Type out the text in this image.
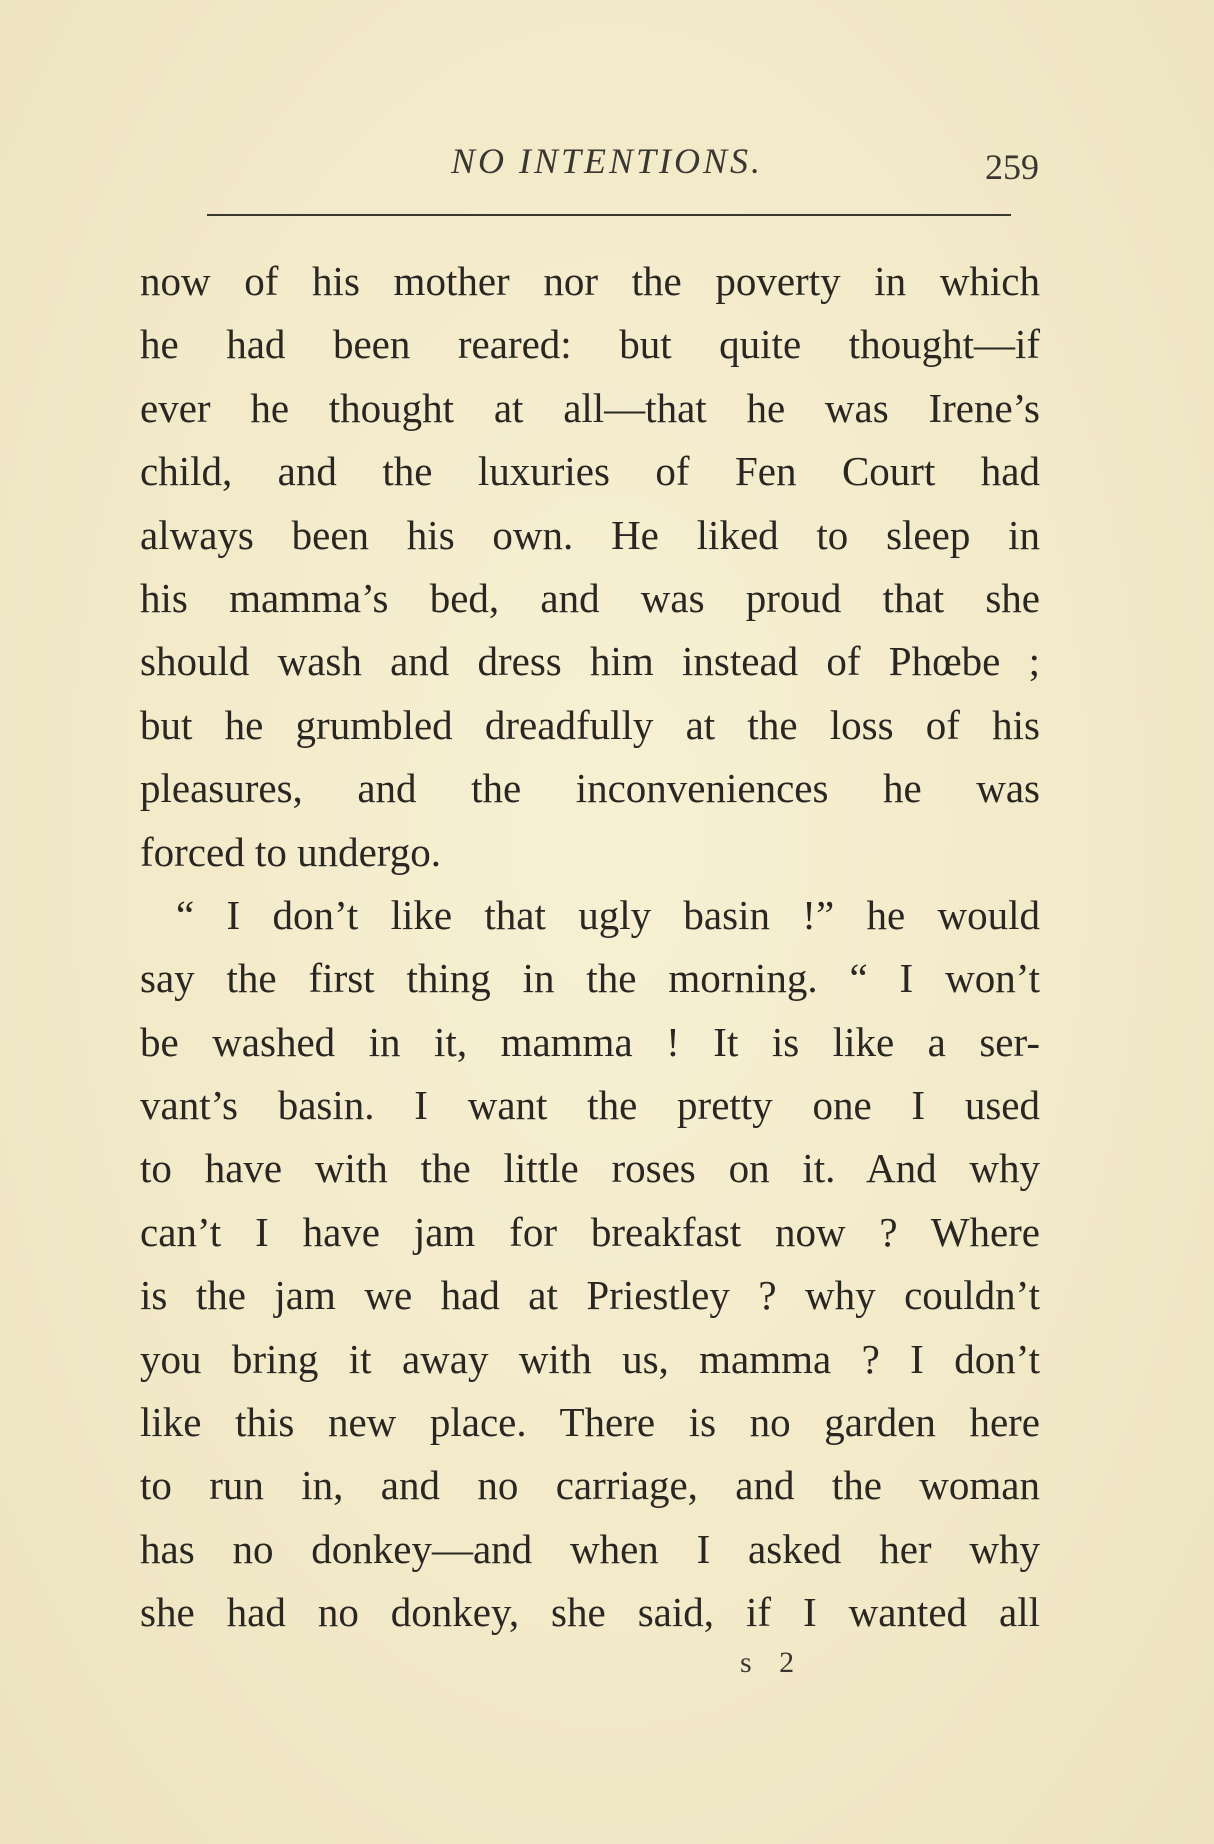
NO INTENTIONS.	259
now of his mother nor the poverty in which
he had been reared: but quite thought—if
ever he thought at all—that he was Irene’s
child, and the luxuries of Fen Court had
always been his own. He liked to sleep in
his mamma’s bed, and was proud that she
should wash and dress him instead of Phœbe ;
but he grumbled dreadfully at the loss of his
pleasures, and the inconveniences he was
forced to undergo.
“ I don’t like that ugly basin !” he would
say the first thing in the morning. “ I won’t
be washed in it, mamma ! It is like a ser-
vant’s basin. I want the pretty one I used
to have with the little roses on it. And why
can’t I have jam for breakfast now ? Where
is the jam we had at Priestley ? why couldn’t
you bring it away with us, mamma ? I don’t
like this new place. There is no garden here
to run in, and no carriage, and the woman
has no donkey—and when I asked her why
she had no donkey, she said, if I wanted all
s 2
